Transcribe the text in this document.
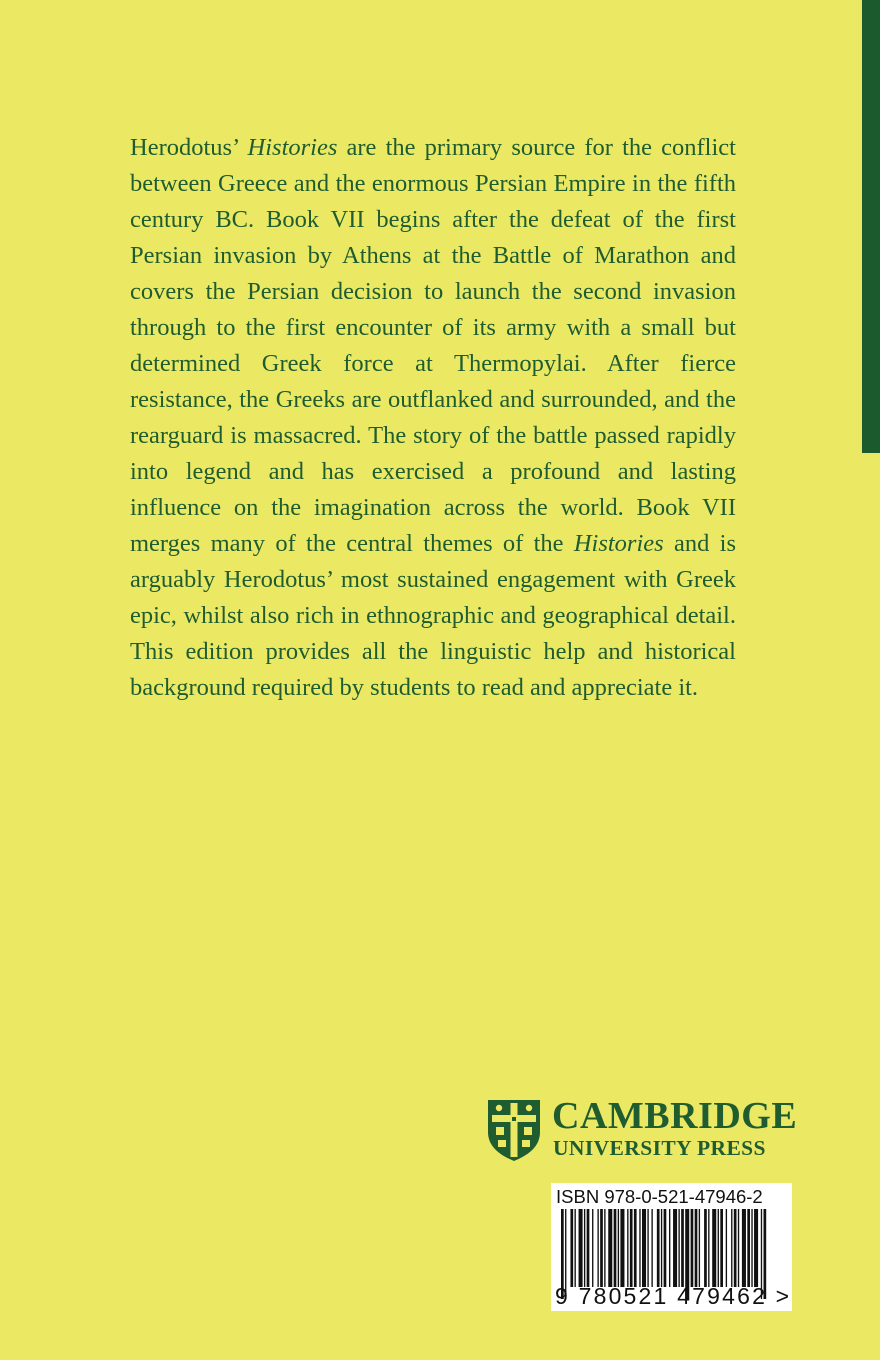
Herodotus’ Histories are the primary source for the conflict between Greece and the enormous Persian Empire in the fifth century BC. Book VII begins after the defeat of the first Persian invasion by Athens at the Battle of Marathon and covers the Persian decision to launch the second invasion through to the first encounter of its army with a small but determined Greek force at Thermopylai. After fierce resistance, the Greeks are outflanked and surrounded, and the rearguard is massacred. The story of the battle passed rapidly into legend and has exercised a profound and lasting influence on the imagination across the world. Book VII merges many of the central themes of the Histories and is arguably Herodotus’ most sustained engagement with Greek epic, whilst also rich in ethnographic and geographical detail. This edition provides all the linguistic help and historical background required by students to read and appreciate it.

CAMBRIDGE
UNIVERSITY PRESS
ISBN 978-0-521-47946-2
9 780521 479462 >
